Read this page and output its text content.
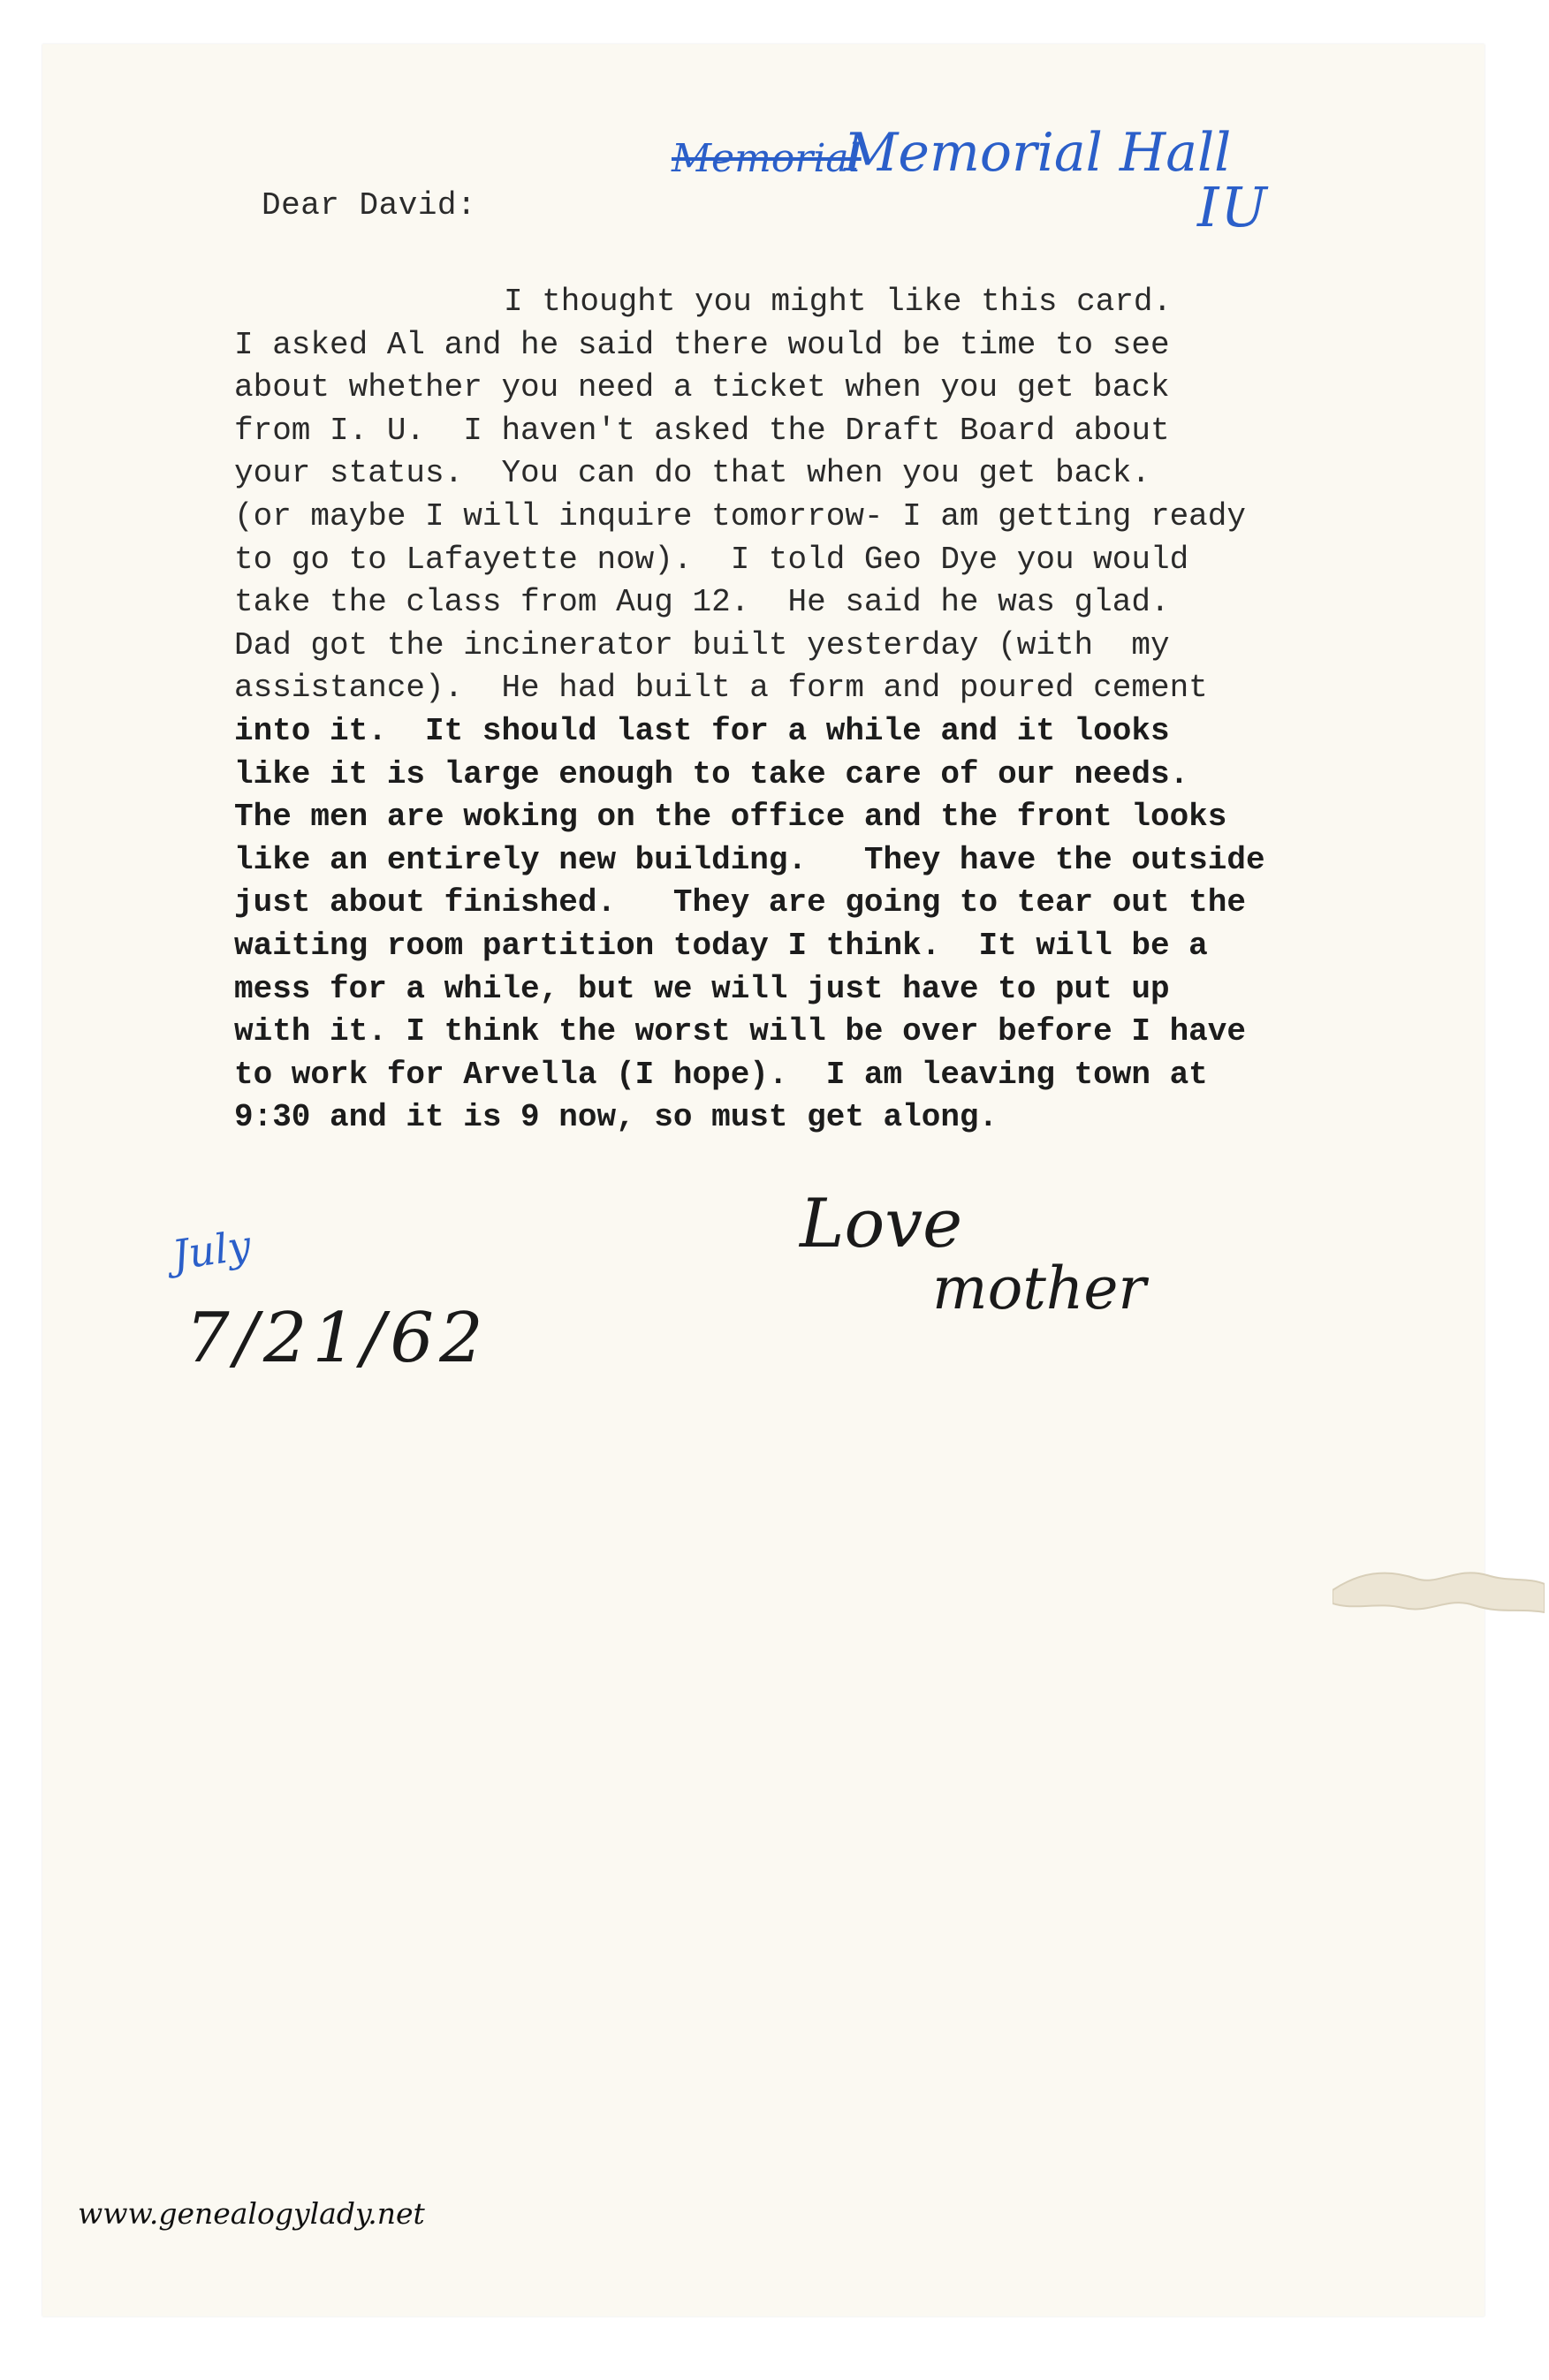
Memorial
Memorial Hall
IU
Dear David:
I thought you might like this card.
I asked Al and he said there would be time to see
about whether you need a ticket when you get back
from I. U.  I haven't asked the Draft Board about
your status.  You can do that when you get back.
(or maybe I will inquire tomorrow- I am getting ready
to go to Lafayette now).  I told Geo Dye you would
take the class from Aug 12.  He said he was glad.
Dad got the incinerator built yesterday (with  my
assistance).  He had built a form and poured cement
into it.  It should last for a while and it looks
like it is large enough to take care of our needs.
The men are woking on the office and the front looks
like an entirely new building.   They have the outside
just about finished.   They are going to tear out the
waiting room partition today I think.  It will be a
mess for a while, but we will just have to put up
with it. I think the worst will be over before I have
to work for Arvella (I hope).  I am leaving town at
9:30 and it is 9 now, so must get along.
July
7/21/62
Love
mother
www.genealogylady.net
